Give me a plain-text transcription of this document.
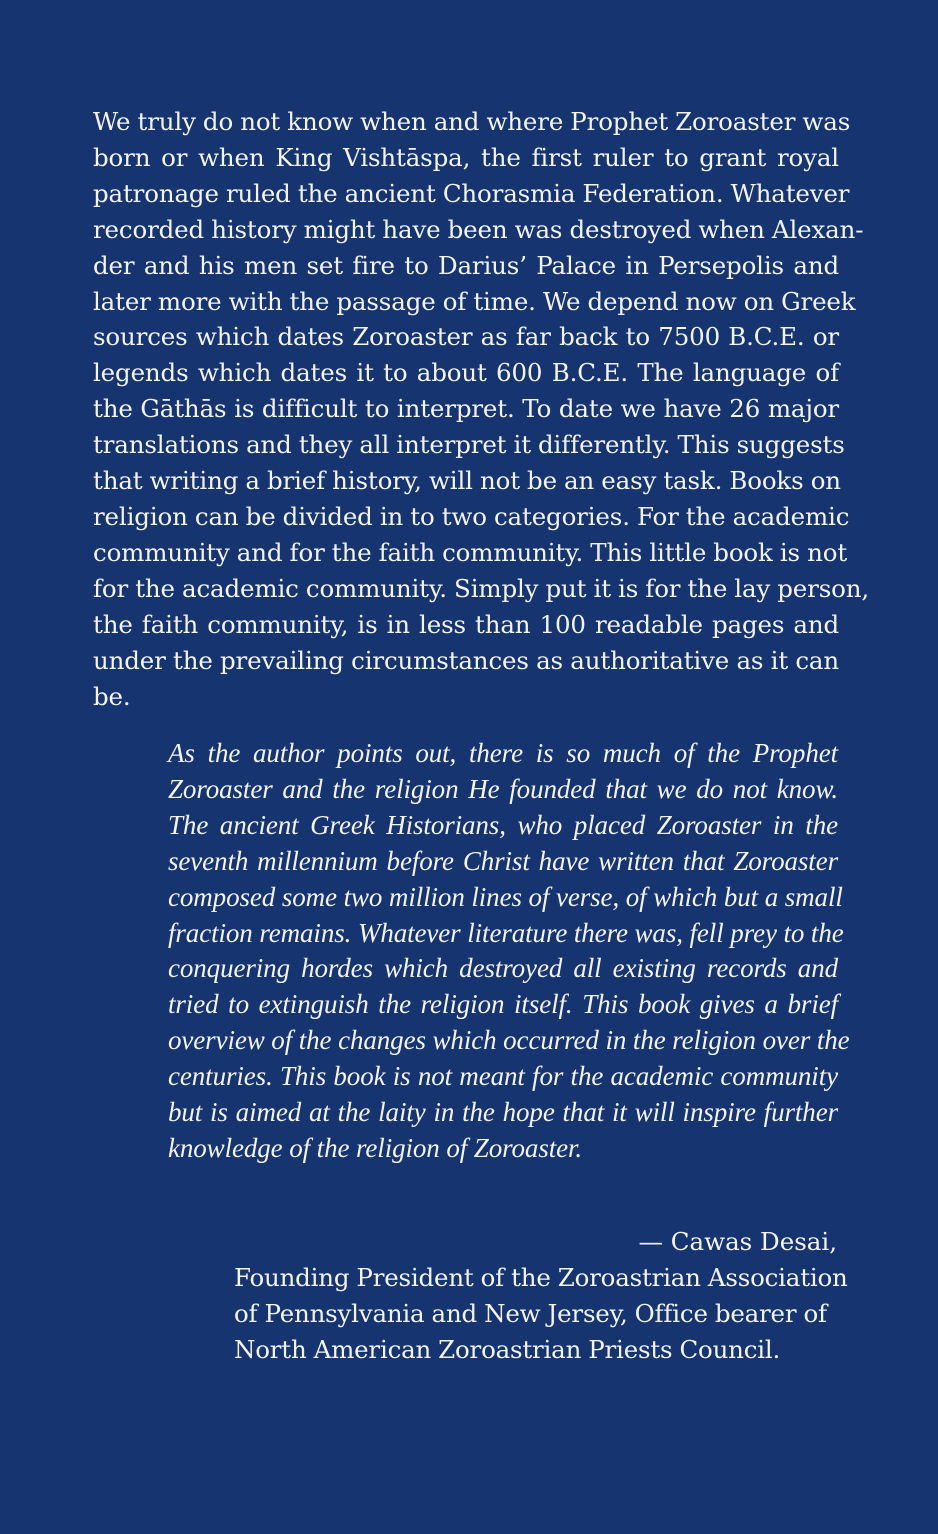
We truly do not know when and where Prophet Zoroaster was
born or when King Vishtāspa, the first ruler to grant royal
patronage ruled the ancient Chorasmia Federation. Whatever
recorded history might have been was destroyed when Alexan-
der and his men set fire to Darius’ Palace in Persepolis and
later more with the passage of time. We depend now on Greek
sources which dates Zoroaster as far back to 7500 B.C.E. or
legends which dates it to about 600 B.C.E. The language of
the Gāthās is difficult to interpret. To date we have 26 major
translations and they all interpret it differently. This suggests
that writing a brief history, will not be an easy task. Books on
religion can be divided in to two categories. For the academic
community and for the faith community. This little book is not
for the academic community. Simply put it is for the lay person,
the faith community, is in less than 100 readable pages and
under the prevailing circumstances as authoritative as it can
be.

As the author points out, there is so much of the Prophet
Zoroaster and the religion He founded that we do not know.
The ancient Greek Historians, who placed Zoroaster in the
seventh millennium before Christ have written that Zoroaster
composed some two million lines of verse, of which but a small
fraction remains. Whatever literature there was, fell prey to the
conquering hordes which destroyed all existing records and
tried to extinguish the religion itself. This book gives a brief
overview of the changes which occurred in the religion over the
centuries. This book is not meant for the academic community
but is aimed at the laity in the hope that it will inspire further
knowledge of the religion of Zoroaster.

— Cawas Desai,

Founding President of the Zoroastrian Association
of Pennsylvania and New Jersey, Office bearer of
North American Zoroastrian Priests Council.
